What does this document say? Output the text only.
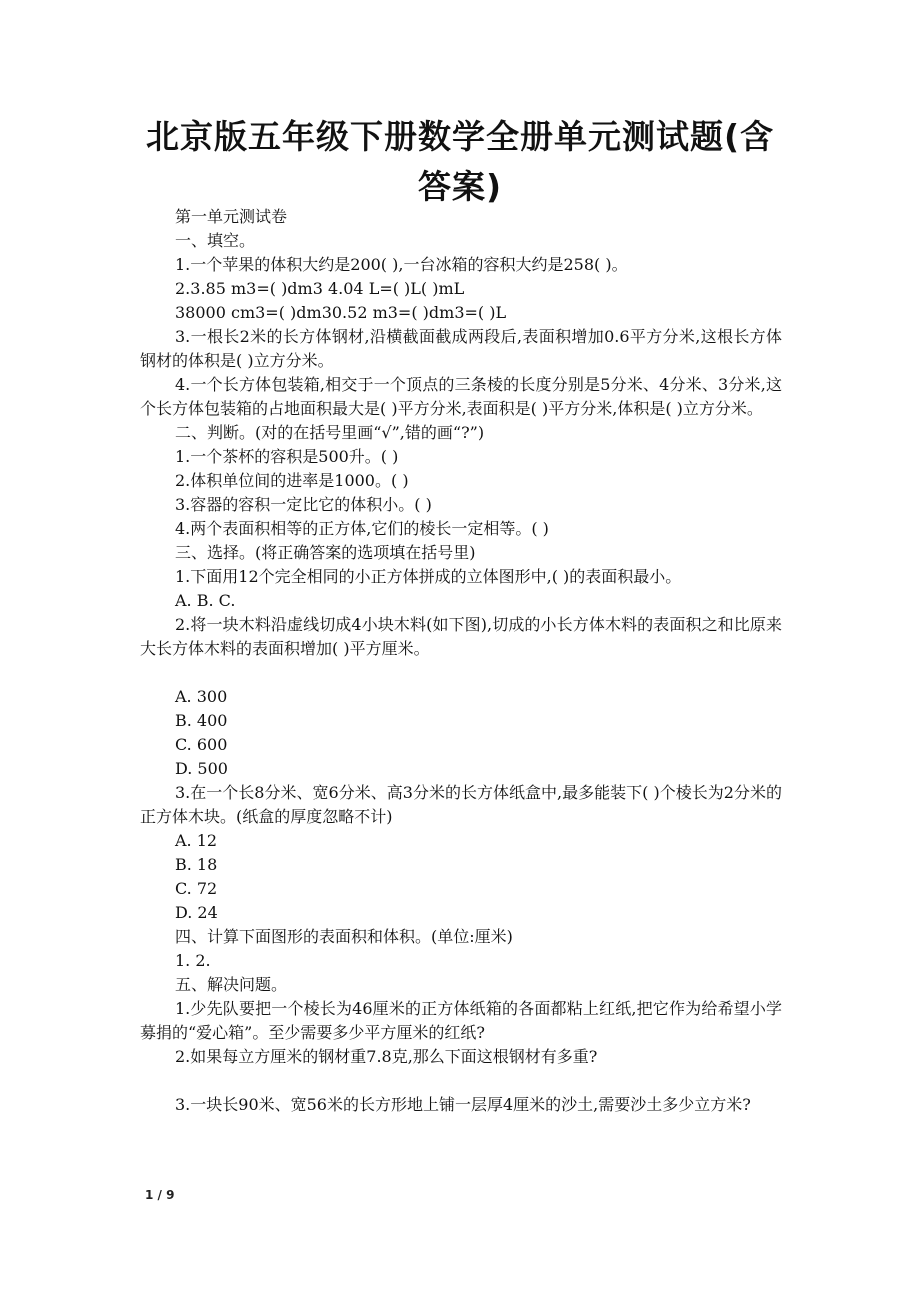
北京版五年级下册数学全册单元测试题(含
答案)

第一单元测试卷

一、填空。

1.一个苹果的体积大约是200( ),一台冰箱的容积大约是258( )。

2.3.85 m3=( )dm3 4.04 L=( )L( )mL

38000 cm3=( )dm30.52 m3=( )dm3=( )L

3.一根长2米的长方体钢材,沿横截面截成两段后,表面积增加0.6平方分米,这根长方体钢材的体积是( )立方分米。

4.一个长方体包装箱,相交于一个顶点的三条棱的长度分别是5分米、4分米、3分米,这个长方体包装箱的占地面积最大是( )平方分米,表面积是( )平方分米,体积是( )立方分米。

二、判断。(对的在括号里画“√”,错的画“?”)

1.一个茶杯的容积是500升。( )

2.体积单位间的进率是1000。( )

3.容器的容积一定比它的体积小。( )

4.两个表面积相等的正方体,它们的棱长一定相等。( )

三、选择。(将正确答案的选项填在括号里)

1.下面用12个完全相同的小正方体拼成的立体图形中,( )的表面积最小。

A. B. C.

2.将一块木料沿虚线切成4小块木料(如下图),切成的小长方体木料的表面积之和比原来大长方体木料的表面积增加( )平方厘米。

A. 300

B. 400

C. 600

D. 500

3.在一个长8分米、宽6分米、高3分米的长方体纸盒中,最多能装下( )个棱长为2分米的正方体木块。(纸盒的厚度忽略不计)

A. 12

B. 18

C. 72

D. 24

四、计算下面图形的表面积和体积。(单位:厘米)

1. 2.

五、解决问题。

1.少先队要把一个棱长为46厘米的正方体纸箱的各面都粘上红纸,把它作为给希望小学募捐的“爱心箱”。至少需要多少平方厘米的红纸?

2.如果每立方厘米的钢材重7.8克,那么下面这根钢材有多重?

3.一块长90米、宽56米的长方形地上铺一层厚4厘米的沙土,需要沙土多少立方米?

1 / 9
